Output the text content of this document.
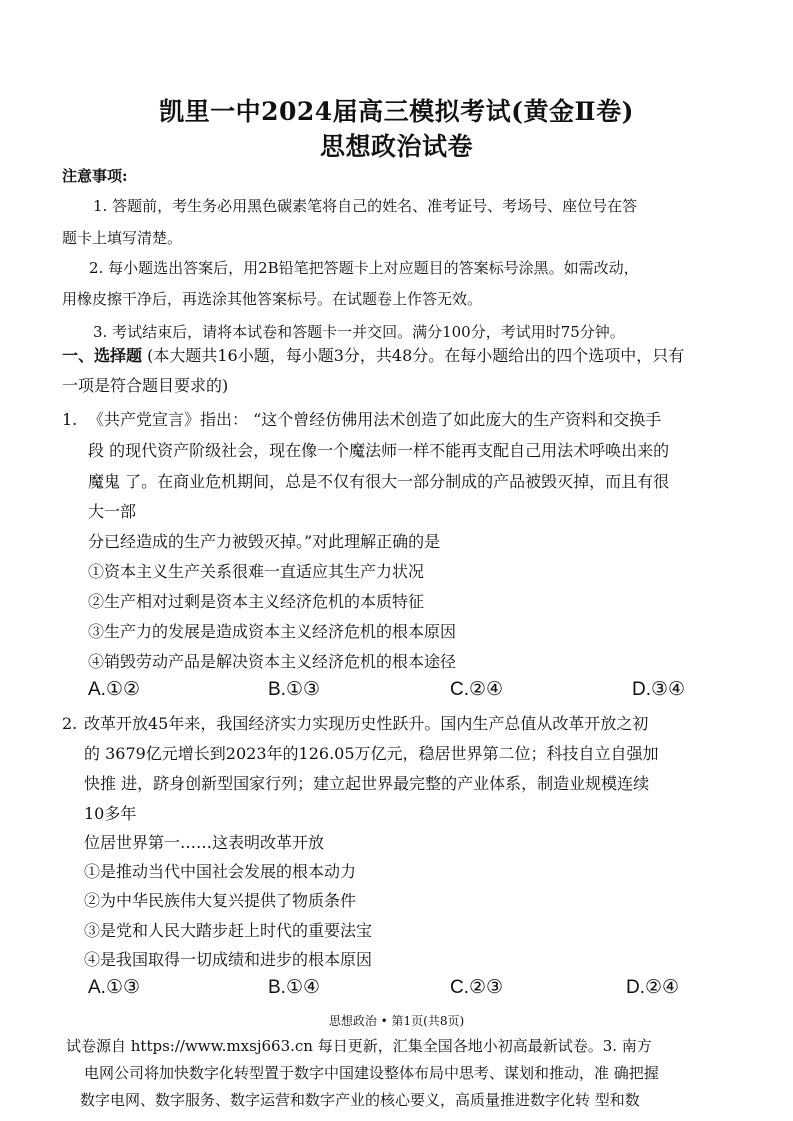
凯里一中2024届高三模拟考试(黄金Ⅱ卷)
思想政治试卷
注意事项:
1. 答题前，考生务必用黑色碳素笔将自己的姓名、准考证号、考场号、座位号在答
题卡上填写清楚。
2. 每小题选出答案后，用2B铅笔把答题卡上对应题目的答案标号涂黑。如需改动，
用橡皮擦干净后，再选涂其他答案标号。在试题卷上作答无效。
3. 考试结束后，请将本试卷和答题卡一并交回。满分100分，考试用时75分钟。
一、选择题 (本大题共16小题，每小题3分，共48分。在每小题给出的四个选项中，只有
一项是符合题目要求的)
1. 《共产党宣言》指出： “这个曾经仿佛用法术创造了如此庞大的生产资料和交换手
段 的现代资产阶级社会，现在像一个魔法师一样不能再支配自己用法术呼唤出来的
魔鬼 了。在商业危机期间，总是不仅有很大一部分制成的产品被毁灭掉，而且有很
大一部
分已经造成的生产力被毁灭掉。”对此理解正确的是
①资本主义生产关系很难一直适应其生产力状况
②生产相对过剩是资本主义经济危机的本质特征
③生产力的发展是造成资本主义经济危机的根本原因
④销毁劳动产品是解决资本主义经济危机的根本途径
A.①②	B.①③	C.②④	D.③④
2. 改革开放45年来，我国经济实力实现历史性跃升。国内生产总值从改革开放之初
的 3679亿元增长到2023年的126.05万亿元，稳居世界第二位；科技自立自强加
快推 进，跻身创新型国家行列；建立起世界最完整的产业体系，制造业规模连续
10多年
位居世界第一……这表明改革开放
①是推动当代中国社会发展的根本动力
②为中华民族伟大复兴提供了物质条件
③是党和人民大踏步赶上时代的重要法宝
④是我国取得一切成绩和进步的根本原因
A.①③	B.①④	C.②③	D.②④
思想政治 • 第1页(共8页)
试卷源自 https://www.mxsj663.cn 每日更新，汇集全国各地小初高最新试卷。3. 南方
电网公司将加快数字化转型置于数字中国建设整体布局中思考、谋划和推动，准 确把握
数字电网、数字服务、数字运营和数字产业的核心要义，高质量推进数字化转 型和数
